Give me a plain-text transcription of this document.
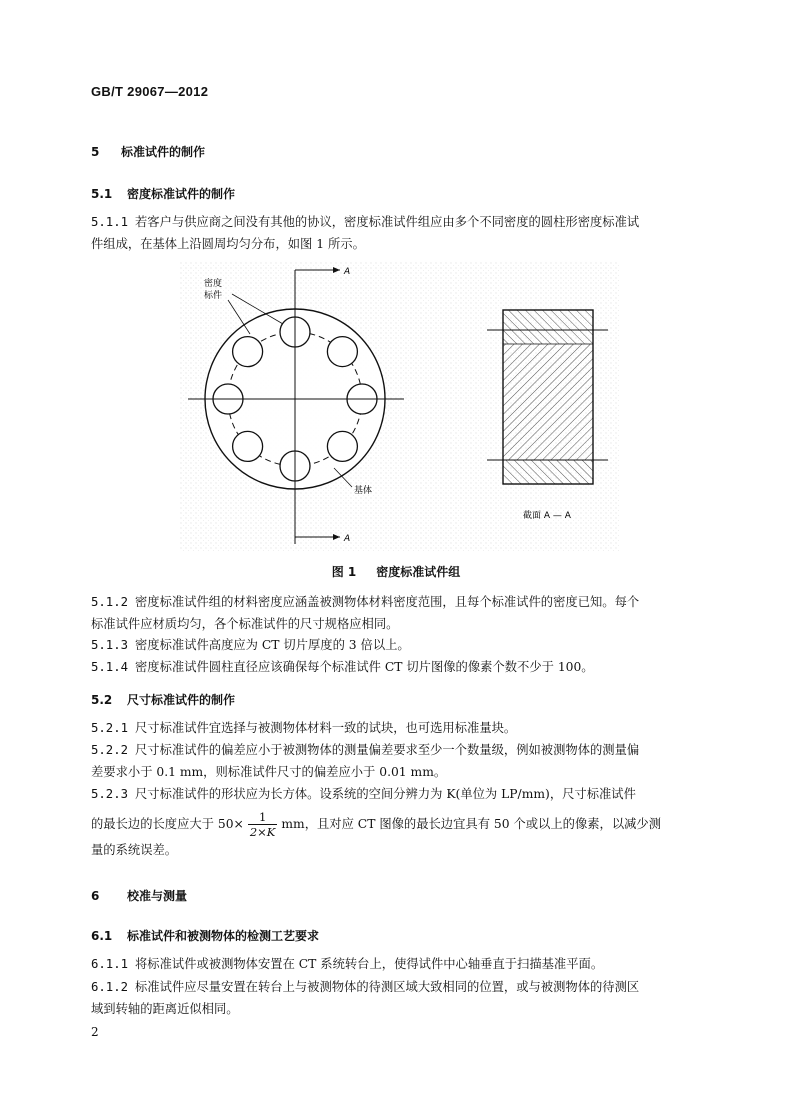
GB/T 29067—2012
5 标准试件的制作
5.1 密度标准试件的制作
5.1.1 若客户与供应商之间没有其他的协议，密度标准试件组应由多个不同密度的圆柱形密度标准试
件组成，在基体上沿圆周均匀分布，如图 1 所示。
A
A
密度
标件
基体
截面 A — A
图 1 密度标准试件组
5.1.2 密度标准试件组的材料密度应涵盖被测物体材料密度范围，且每个标准试件的密度已知。每个
标准试件应材质均匀，各个标准试件的尺寸规格应相同。
5.1.3 密度标准试件高度应为 CT 切片厚度的 3 倍以上。
5.1.4 密度标准试件圆柱直径应该确保每个标准试件 CT 切片图像的像素个数不少于 100。
5.2 尺寸标准试件的制作
5.2.1 尺寸标准试件宜选择与被测物体材料一致的试块，也可选用标准量块。
5.2.2 尺寸标准试件的偏差应小于被测物体的测量偏差要求至少一个数量级，例如被测物体的测量偏
差要求小于 0.1 mm，则标准试件尺寸的偏差应小于 0.01 mm。
5.2.3 尺寸标准试件的形状应为长方体。设系统的空间分辨力为 K(单位为 LP/mm)，尺寸标准试件
的最长边的长度应大于 $50\times \frac{1}{2\times K}$ mm，且对应 CT 图像的最长边宜具有 50 个或以上的像素，以减少测
量的系统误差。
6 校准与测量
6.1 标准试件和被测物体的检测工艺要求
6.1.1 将标准试件或被测物体安置在 CT 系统转台上，使得试件中心轴垂直于扫描基准平面。
6.1.2 标准试件应尽量安置在转台上与被测物体的待测区域大致相同的位置，或与被测物体的待测区
域到转轴的距离近似相同。
2
